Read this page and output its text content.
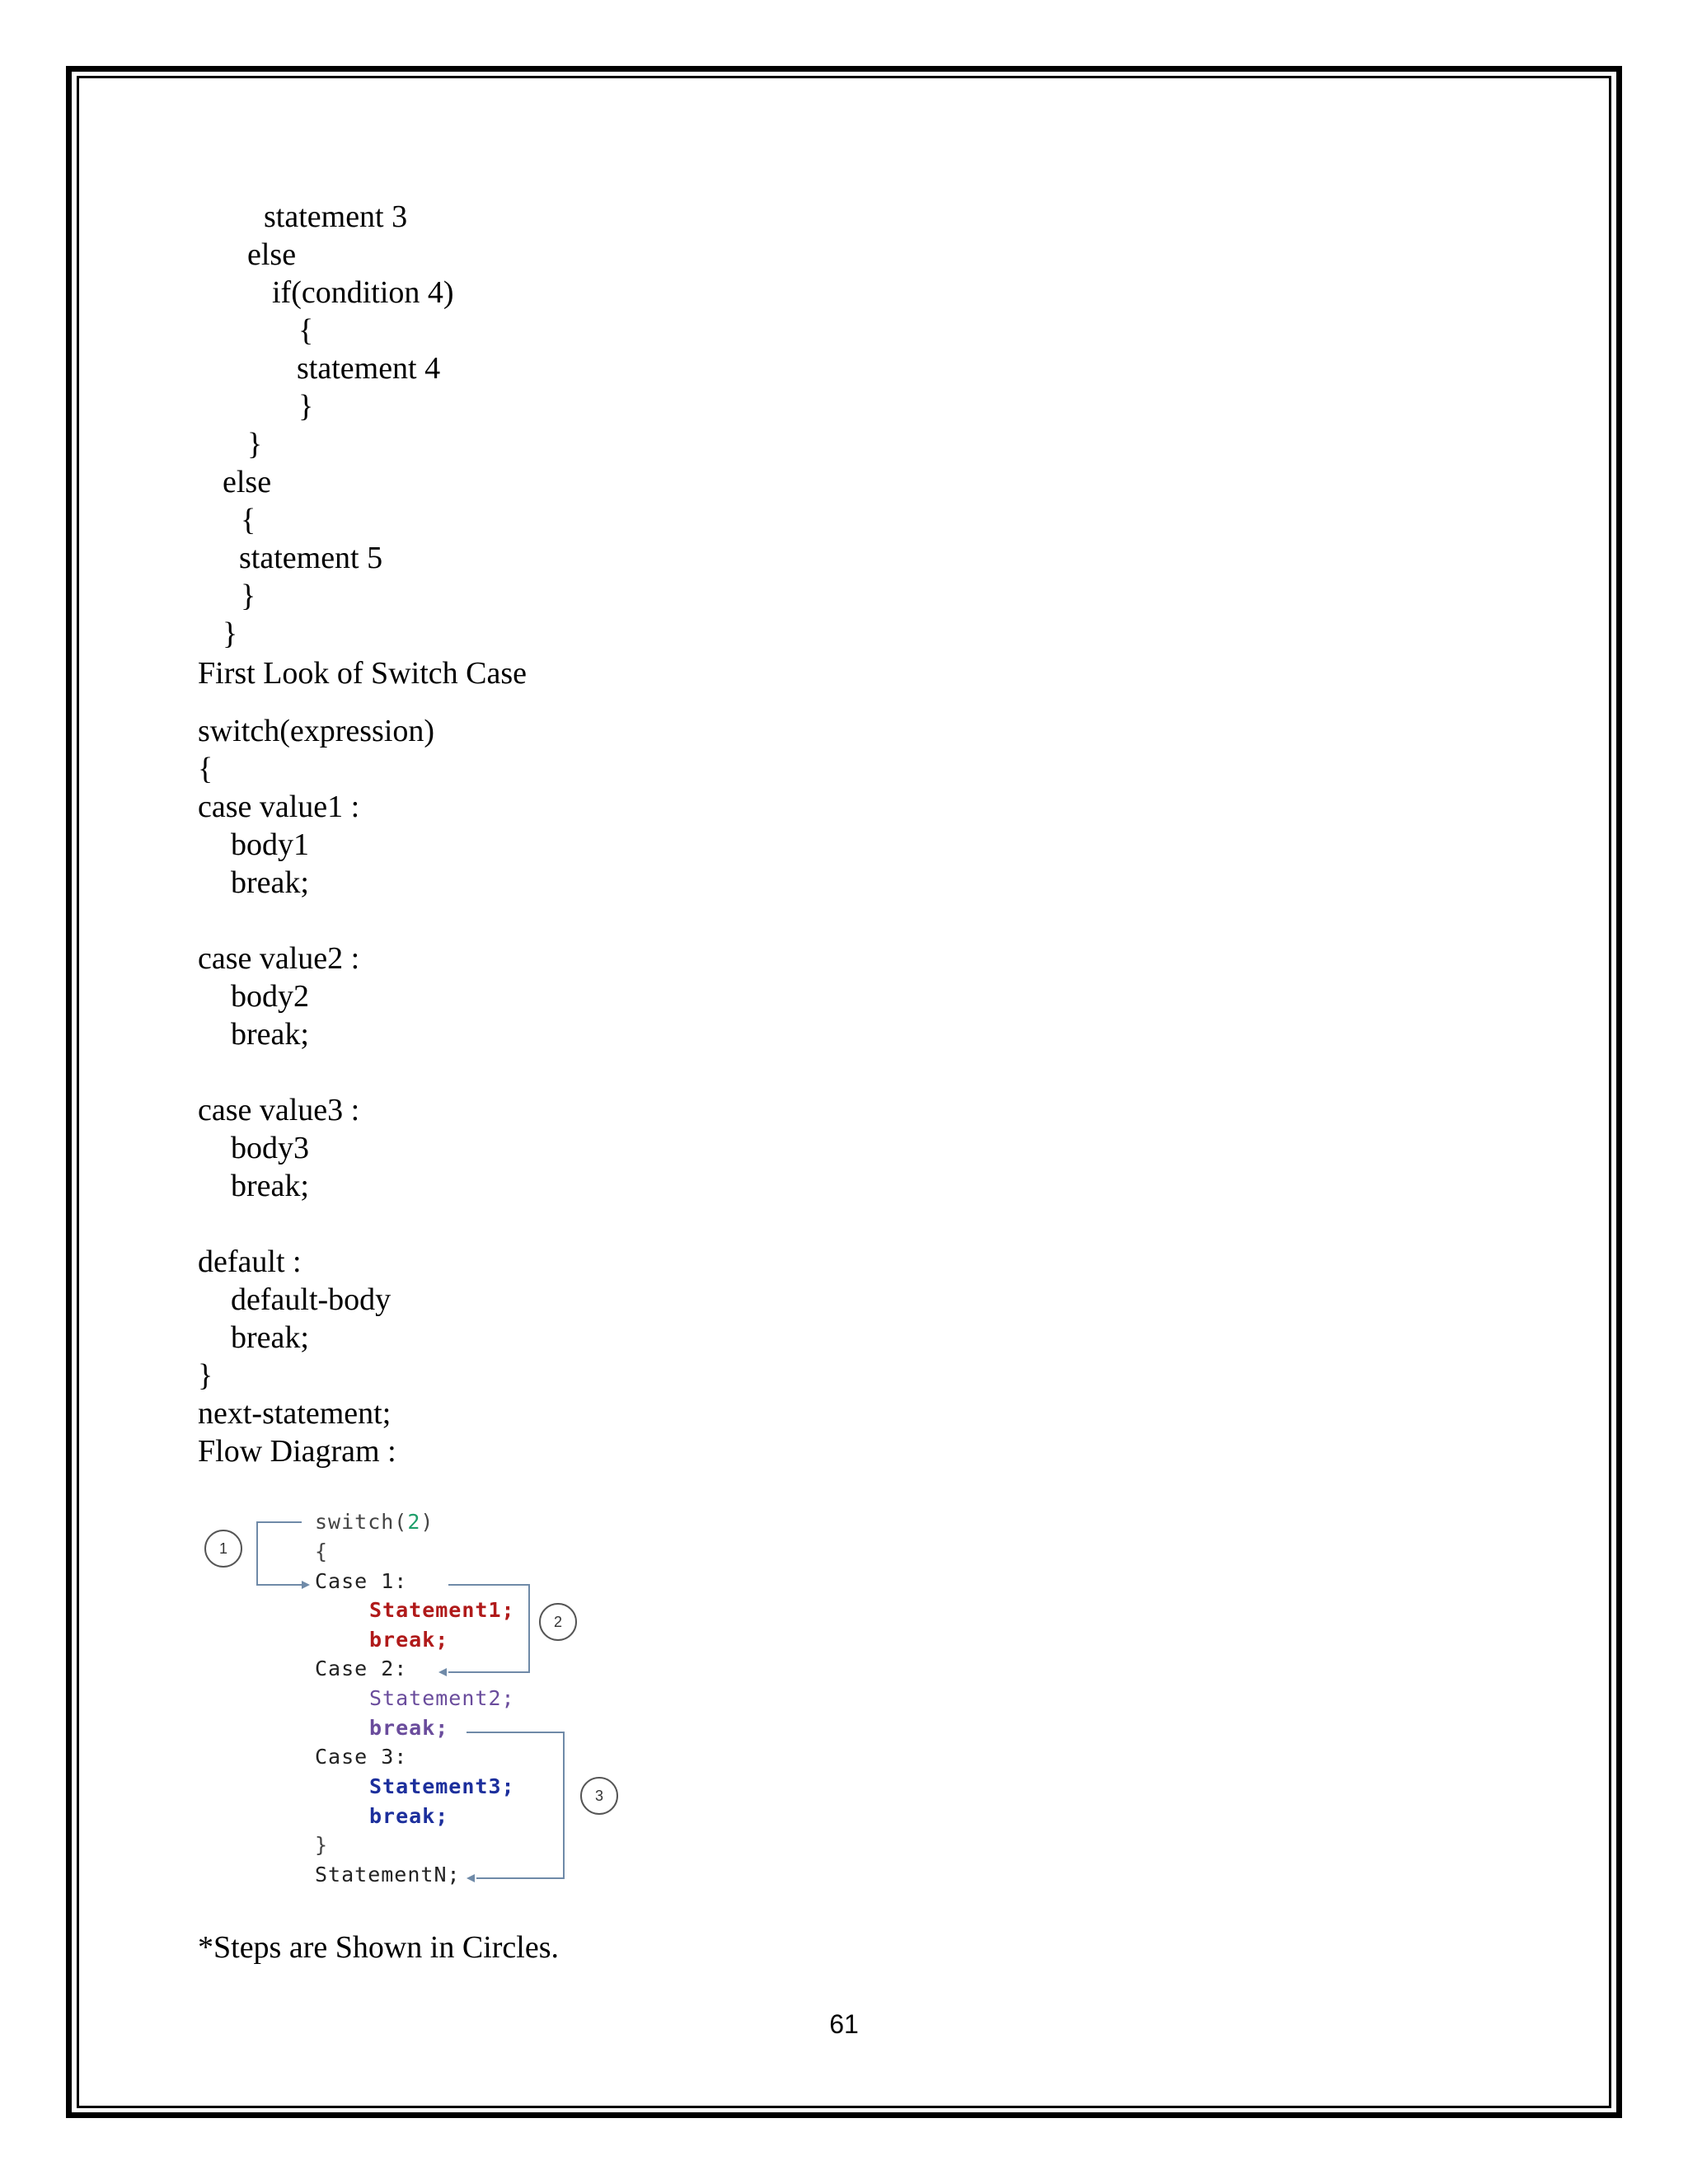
statement 3
else
if(condition 4)
{
statement 4
}
}
else
{
statement 5
}
}
First Look of Switch Case
switch(expression)
{
case value1 :
body1
break;
case value2 :
body2
break;
case value3 :
body3
break;
default :
default-body
break;
}
next-statement;
Flow Diagram :
1
2
3
switch(2)
{
Case 1:
Statement1;
break;
Case 2:
Statement2;
break;
Case 3:
Statement3;
break;
}
StatementN;
*Steps are Shown in Circles.
61
